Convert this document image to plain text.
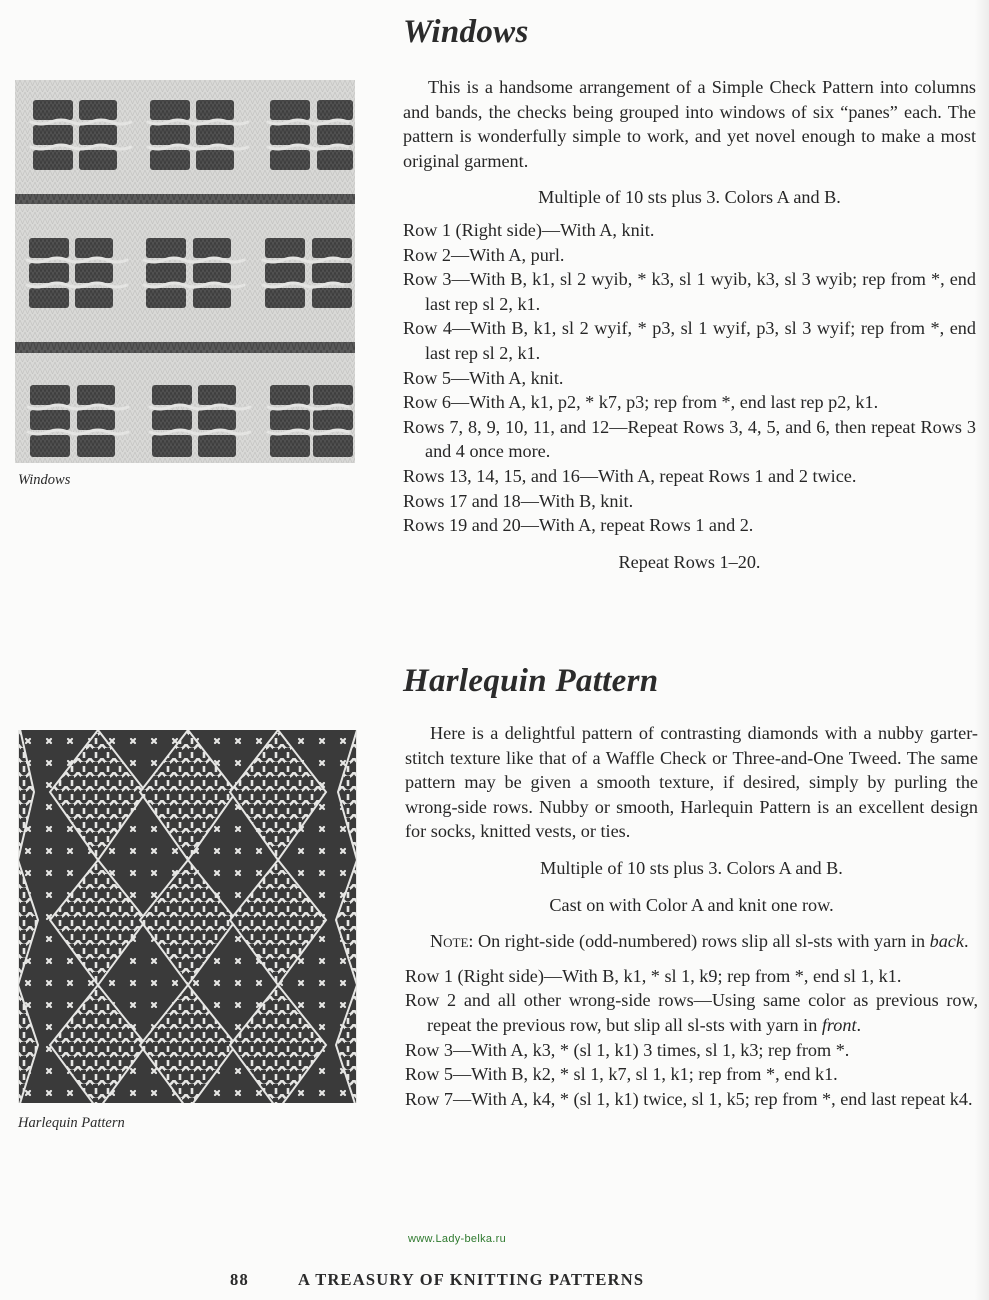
Windows

Windows

This is a handsome arrangement of a Simple Check Pattern into columns and bands, the checks being grouped into windows of six “panes” each. The pattern is wonderfully simple to work, and yet novel enough to make a most original garment.

Multiple of 10 sts plus 3. Colors A and B.

Row 1 (Right side)—With A, knit.

Row 2—With A, purl.

Row 3—With B, k1, sl 2 wyib, * k3, sl 1 wyib, k3, sl 3 wyib; rep from *, end last rep sl 2, k1.

Row 4—With B, k1, sl 2 wyif, * p3, sl 1 wyif, p3, sl 3 wyif; rep from *, end last rep sl 2, k1.

Row 5—With A, knit.

Row 6—With A, k1, p2, * k7, p3; rep from *, end last rep p2, k1.

Rows 7, 8, 9, 10, 11, and 12—Repeat Rows 3, 4, 5, and 6, then repeat Rows 3 and 4 once more.

Rows 13, 14, 15, and 16—With A, repeat Rows 1 and 2 twice.

Rows 17 and 18—With B, knit.

Rows 19 and 20—With A, repeat Rows 1 and 2.

Repeat Rows 1–20.

Harlequin Pattern

Harlequin Pattern

Here is a delightful pattern of contrasting diamonds with a nubby garter-stitch texture like that of a Waffle Check or Three-and-One Tweed. The same pattern may be given a smooth texture, if desired, simply by purling the wrong-side rows. Nubby or smooth, Harlequin Pattern is an excellent design for socks, knitted vests, or ties.

Multiple of 10 sts plus 3. Colors A and B.

Cast on with Color A and knit one row.

Note: On right-side (odd-numbered) rows slip all sl-sts with yarn in back.

Row 1 (Right side)—With B, k1, * sl 1, k9; rep from *, end sl 1, k1.

Row 2 and all other wrong-side rows—Using same color as previous row, repeat the previous row, but slip all sl-sts with yarn in front.

Row 3—With A, k3, * (sl 1, k1) 3 times, sl 1, k3; rep from *.

Row 5—With B, k2, * sl 1, k7, sl 1, k1; rep from *, end k1.

Row 7—With A, k4, * (sl 1, k1) twice, sl 1, k5; rep from *, end last repeat k4.

www.Lady-belka.ru
88	A TREASURY OF KNITTING PATTERNS
